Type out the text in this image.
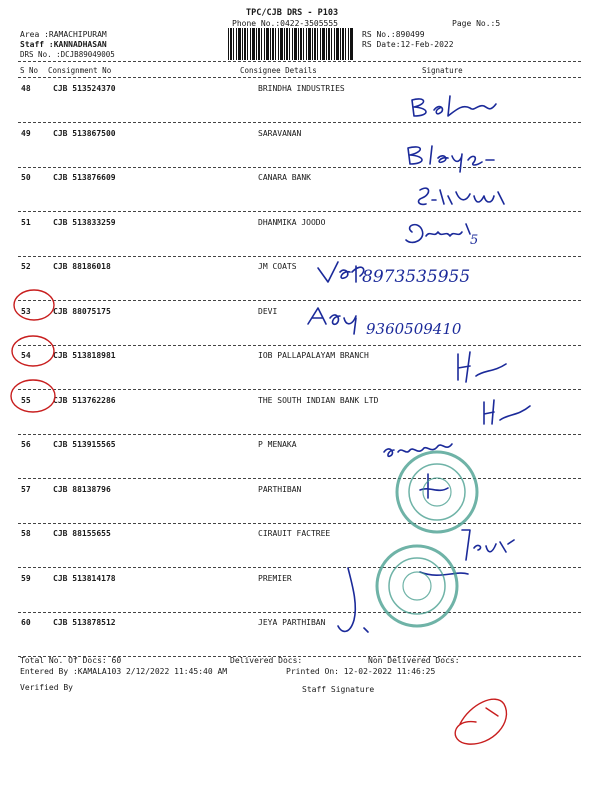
TPC/CJB DRS - P103
Phone No.:0422-3505555	Page No.:5
Area :RAMACHIPURAM
Staff :KANNADHASAN
DRS No. :DCJB89049005
RS No.:890499
RS Date:12-Feb-2022
S No Consignment No	Consignee Details	Signature
48	CJB 513524370	BRINDHA INDUSTRIES
49	CJB 513867500	SARAVANAN
50	CJB 513876609	CANARA BANK
51	CJB 513833259	DHANMIKA JOODO
52	CJB 88186018	JM COATS
53	CJB 88075175	DEVI
54	CJB 513818981	IOB PALLAPALAYAM BRANCH
55	CJB 513762286	THE SOUTH INDIAN BANK LTD
56	CJB 513915565	P MENAKA
57	CJB 88138796	PARTHIBAN
58	CJB 88155655	CIRAUIT FACTREE
59	CJB 513814178	PREMIER
60	CJB 513878512	JEYA PARTHIBAN
Total No. Of Docs: 60	Delivered Docs:	Non Delivered Docs:
Entered By :KAMALA103 2/12/2022 11:45:40 AM	Printed On: 12-02-2022 11:46:25
Verified By	Staff Signature
5
8973535955
9360509410
